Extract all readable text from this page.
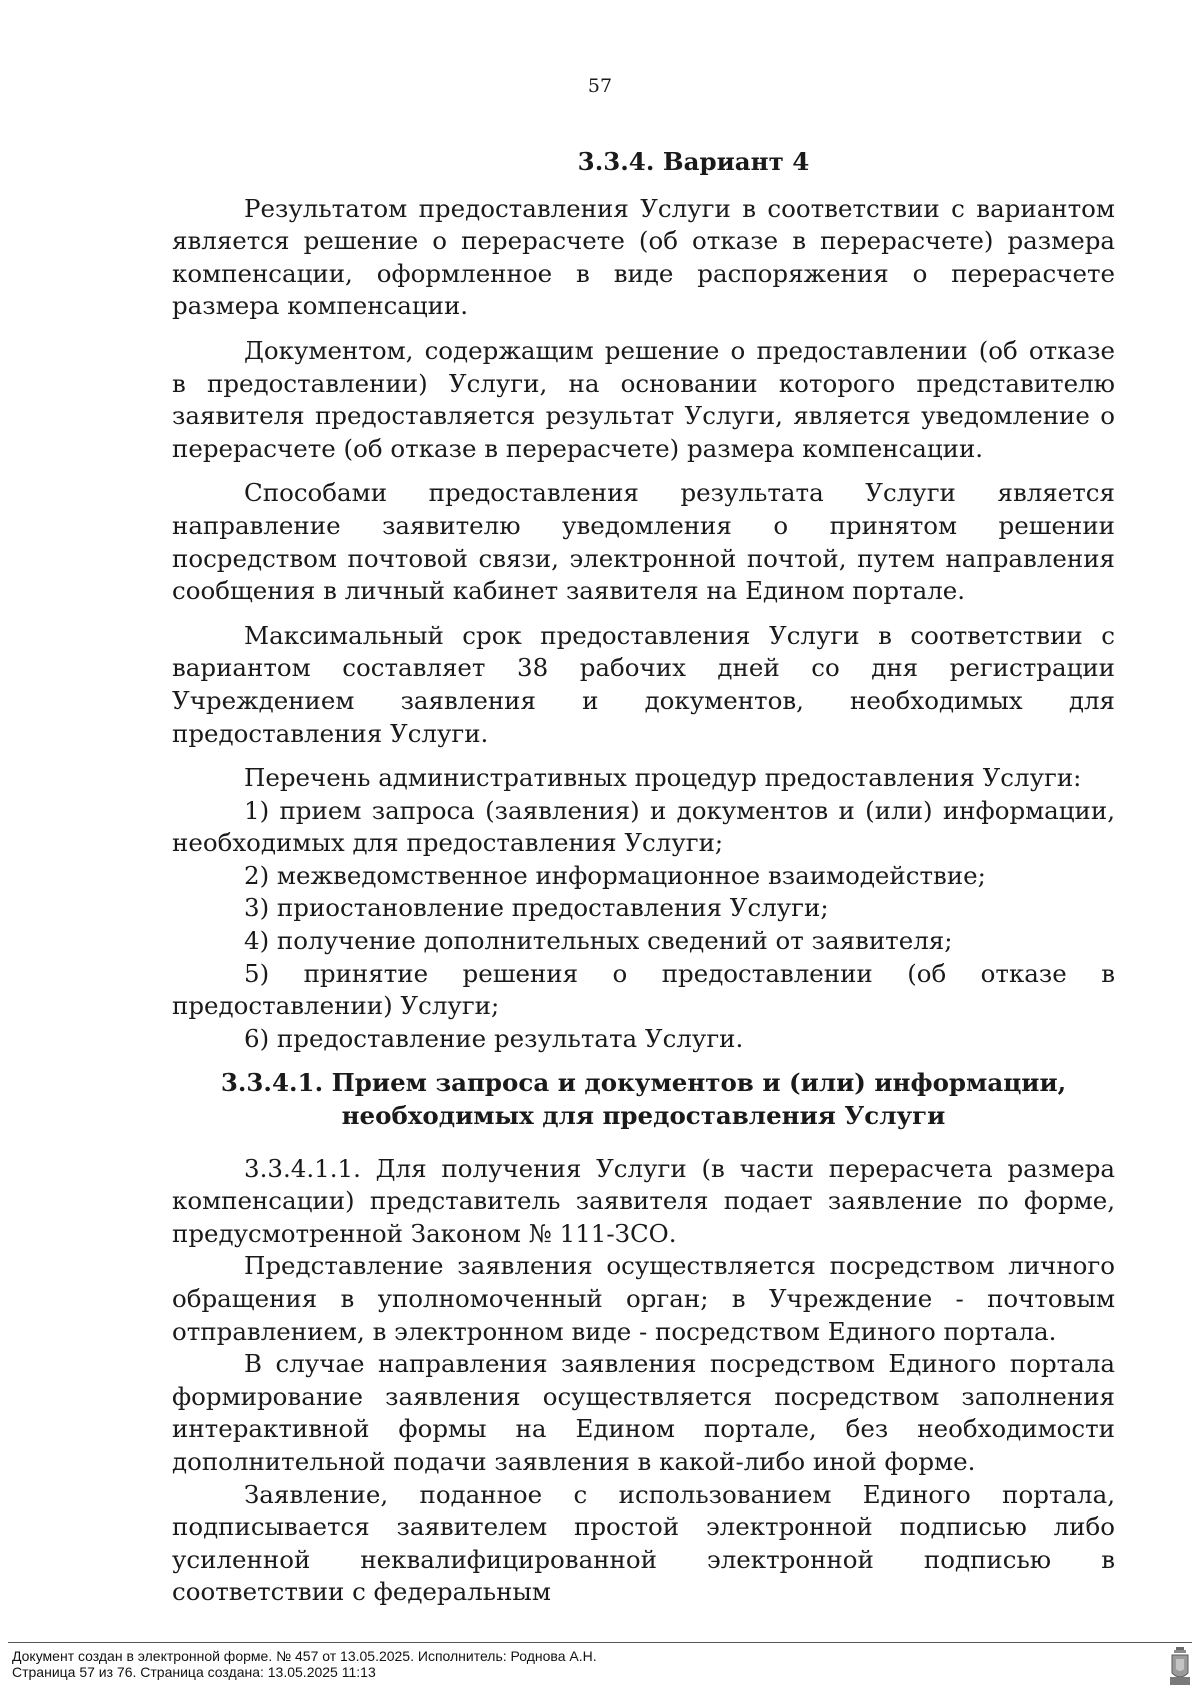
57
3.3.4. Вариант 4

Результатом предоставления Услуги в соответствии с вариантом является решение о перерасчете (об отказе в перерасчете) размера компенсации, оформленное в виде распоряжения о перерасчете размера компенсации.

Документом, содержащим решение о предоставлении (об отказе в предоставлении) Услуги, на основании которого представителю заявителя предоставляется результат Услуги, является уведомление о перерасчете (об отказе в перерасчете) размера компенсации.

Способами предоставления результата Услуги является направление заявителю уведомления о принятом решении посредством почтовой связи, электронной почтой, путем направления сообщения в личный кабинет заявителя на Едином портале.

Максимальный срок предоставления Услуги в соответствии с вариантом составляет 38 рабочих дней со дня регистрации Учреждением заявления и документов, необходимых для предоставления Услуги.

Перечень административных процедур предоставления Услуги:

1) прием запроса (заявления) и документов и (или) информации, необходимых для предоставления Услуги;

2) межведомственное информационное взаимодействие;

3) приостановление предоставления Услуги;

4) получение дополнительных сведений от заявителя;

5) принятие решения о предоставлении (об отказе в предоставлении) Услуги;

6) предоставление результата Услуги.

3.3.4.1. Прием запроса и документов и (или) информации, необходимых для предоставления Услуги

3.3.4.1.1. Для получения Услуги (в части перерасчета размера компенсации) представитель заявителя подает заявление по форме, предусмотренной Законом № 111-ЗСО.

Представление заявления осуществляется посредством личного обращения в уполномоченный орган; в Учреждение - почтовым отправлением, в электронном виде - посредством Единого портала.

В случае направления заявления посредством Единого портала формирование заявления осуществляется посредством заполнения интерактивной формы на Едином портале, без необходимости дополнительной подачи заявления в какой-либо иной форме.

Заявление, поданное с использованием Единого портала, подписывается заявителем простой электронной подписью либо усиленной неквалифицированной электронной подписью в соответствии с федеральным

Документ создан в электронной форме. № 457 от 13.05.2025. Исполнитель: Роднова А.Н.
Страница 57 из 76. Страница создана: 13.05.2025 11:13
